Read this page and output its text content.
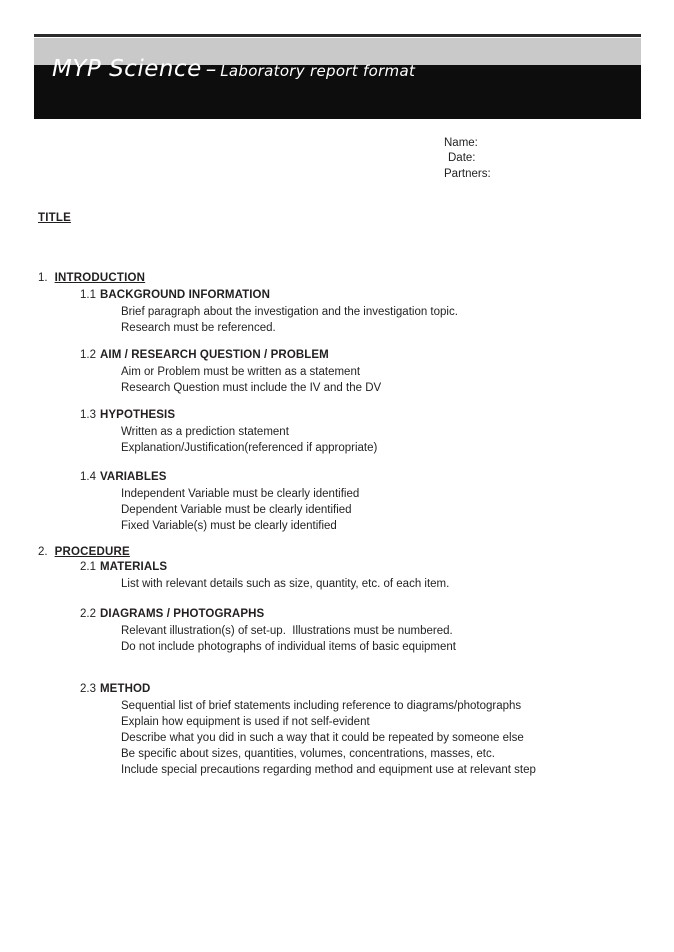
MYP Science – Laboratory report format
Name:
Date:
Partners:
TITLE
1. INTRODUCTION
1.1 BACKGROUND INFORMATION
Brief paragraph about the investigation and the investigation topic.
Research must be referenced.
1.2 AIM / RESEARCH QUESTION / PROBLEM
Aim or Problem must be written as a statement
Research Question must include the IV and the DV
1.3 HYPOTHESIS
Written as a prediction statement
Explanation/Justification(referenced if appropriate)
1.4 VARIABLES
Independent Variable must be clearly identified
Dependent Variable must be clearly identified
Fixed Variable(s) must be clearly identified
2. PROCEDURE
2.1 MATERIALS
List with relevant details such as size, quantity, etc. of each item.
2.2 DIAGRAMS / PHOTOGRAPHS
Relevant illustration(s) of set-up.  Illustrations must be numbered.
Do not include photographs of individual items of basic equipment
2.3 METHOD
Sequential list of brief statements including reference to diagrams/photographs
Explain how equipment is used if not self-evident
Describe what you did in such a way that it could be repeated by someone else
Be specific about sizes, quantities, volumes, concentrations, masses, etc.
Include special precautions regarding method and equipment use at relevant step
